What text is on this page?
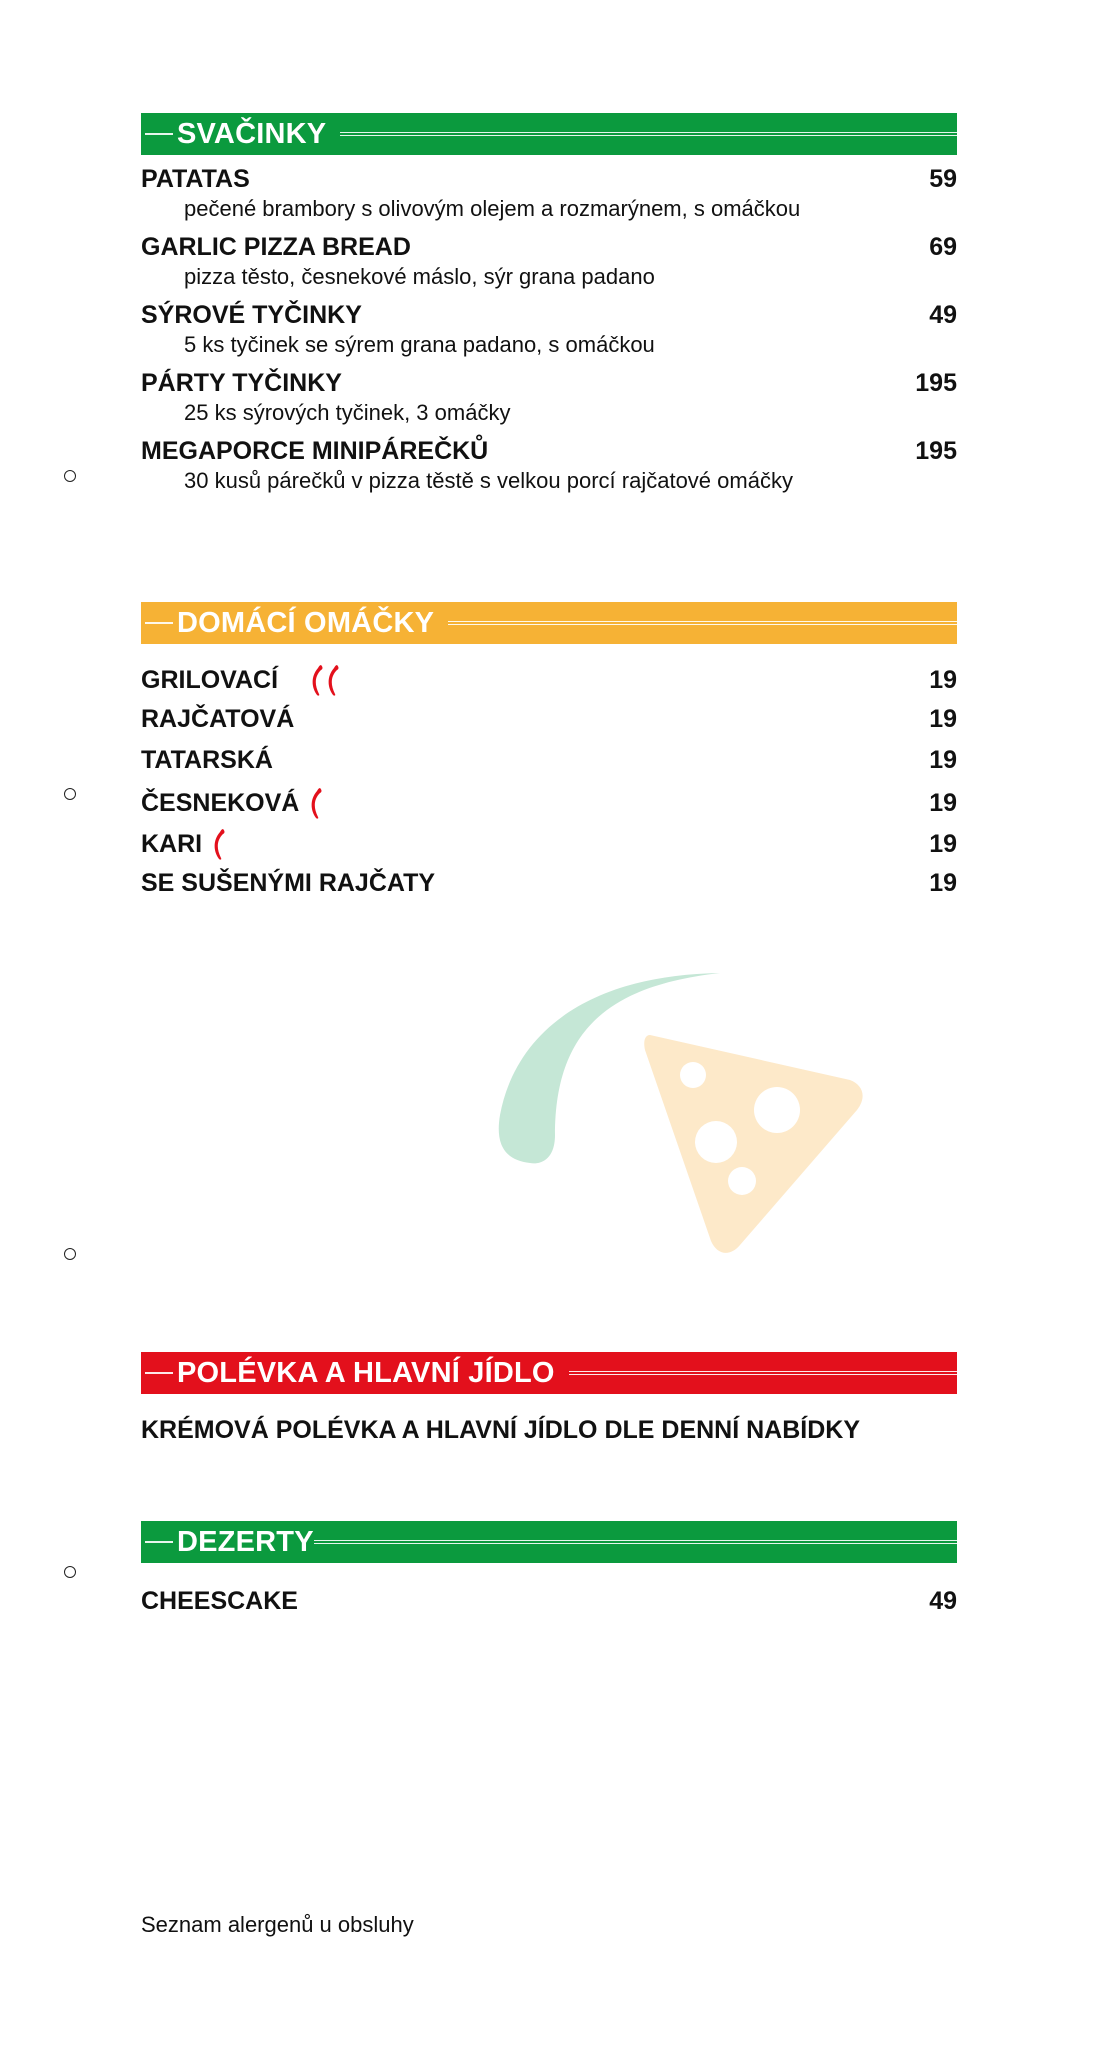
SVAČINKY
PATATAS	59
pečené brambory s olivovým olejem a rozmarýnem, s omáčkou
GARLIC PIZZA BREAD	69
pizza těsto, česnekové máslo, sýr grana padano
SÝROVÉ TYČINKY	49
5 ks tyčinek se sýrem grana padano, s omáčkou
PÁRTY TYČINKY	195
25 ks sýrových tyčinek, 3 omáčky
MEGAPORCE MINIPÁREČKŮ	195
30 kusů párečků v pizza těstě s velkou porcí rajčatové omáčky
DOMÁCÍ OMÁČKY
GRILOVACÍ	19
RAJČATOVÁ	19
TATARSKÁ	19
ČESNEKOVÁ	19
KARI	19
SE SUŠENÝMI RAJČATY	19
POLÉVKA A HLAVNÍ JÍDLO
KRÉMOVÁ POLÉVKA A HLAVNÍ JÍDLO DLE DENNÍ NABÍDKY
DEZERTY
CHEESCAKE	49
Seznam alergenů u obsluhy
